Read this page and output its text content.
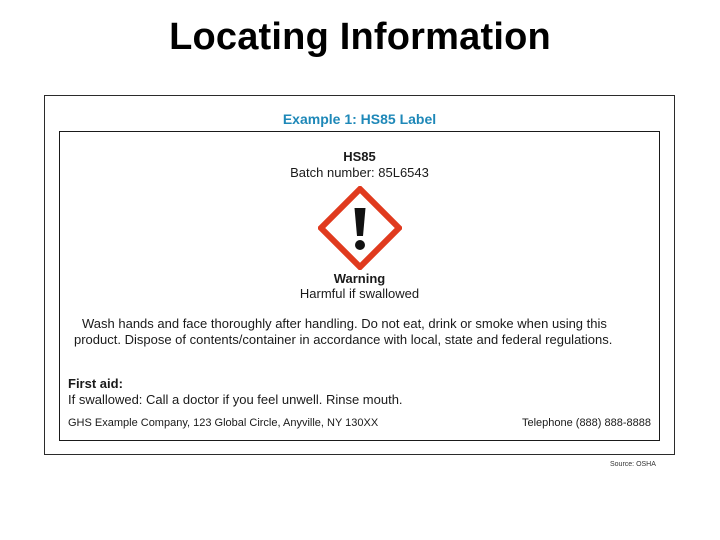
Locating Information
Example 1: HS85 Label
HS85
Batch number: 85L6543
Warning
Harmful if swallowed
Wash hands and face thoroughly after handling. Do not eat, drink or smoke when using this
product. Dispose of contents/container in accordance with local, state and federal regulations.
First aid:
If swallowed: Call a doctor if you feel unwell. Rinse mouth.
GHS Example Company, 123 Global Circle, Anyville, NY 130XX	Telephone (888) 888-8888
Source: OSHA
